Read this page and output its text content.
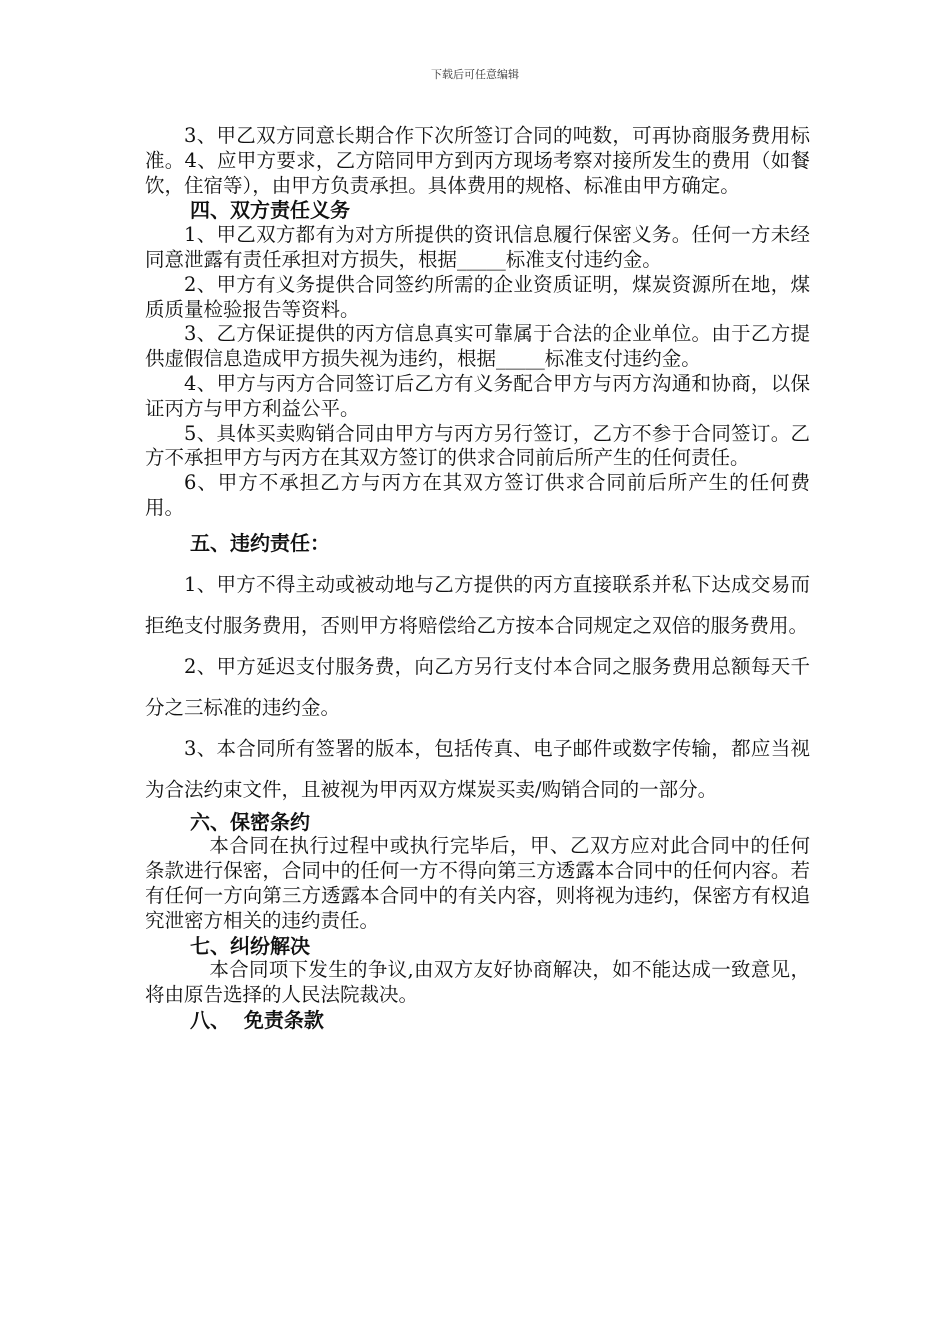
下载后可任意编辑

3、甲乙双方同意长期合作下次所签订合同的吨数，可再协商服务费用标准。4、应甲方要求，乙方陪同甲方到丙方现场考察对接所发生的费用（如餐饮，住宿等），由甲方负责承担。具体费用的规格、标准由甲方确定。

四、双方责任义务

1、甲乙双方都有为对方所提供的资讯信息履行保密义务。任何一方未经同意泄露有责任承担对方损失，根据_____标准支付违约金。

2、甲方有义务提供合同签约所需的企业资质证明，煤炭资源所在地，煤质质量检验报告等资料。

3、乙方保证提供的丙方信息真实可靠属于合法的企业单位。由于乙方提供虚假信息造成甲方损失视为违约，根据_____标准支付违约金。

4、甲方与丙方合同签订后乙方有义务配合甲方与丙方沟通和协商，以保证丙方与甲方利益公平。

5、具体买卖购销合同由甲方与丙方另行签订，乙方不参于合同签订。乙方不承担甲方与丙方在其双方签订的供求合同前后所产生的任何责任。

6、甲方不承担乙方与丙方在其双方签订供求合同前后所产生的任何费用。

五、违约责任：

1、甲方不得主动或被动地与乙方提供的丙方直接联系并私下达成交易而拒绝支付服务费用，否则甲方将赔偿给乙方按本合同规定之双倍的服务费用。

2、甲方延迟支付服务费，向乙方另行支付本合同之服务费用总额每天千分之三标准的违约金。

3、本合同所有签署的版本，包括传真、电子邮件或数字传输，都应当视为合法约束文件，且被视为甲丙双方煤炭买卖/购销合同的一部分。

六、保密条约

本合同在执行过程中或执行完毕后，甲、乙双方应对此合同中的任何条款进行保密，合同中的任何一方不得向第三方透露本合同中的任何内容。若有任何一方向第三方透露本合同中的有关内容，则将视为违约，保密方有权追究泄密方相关的违约责任。

七、纠纷解决

本合同项下发生的争议,由双方友好协商解决，如不能达成一致意见，将由原告选择的人民法院裁决。

八、  免责条款
